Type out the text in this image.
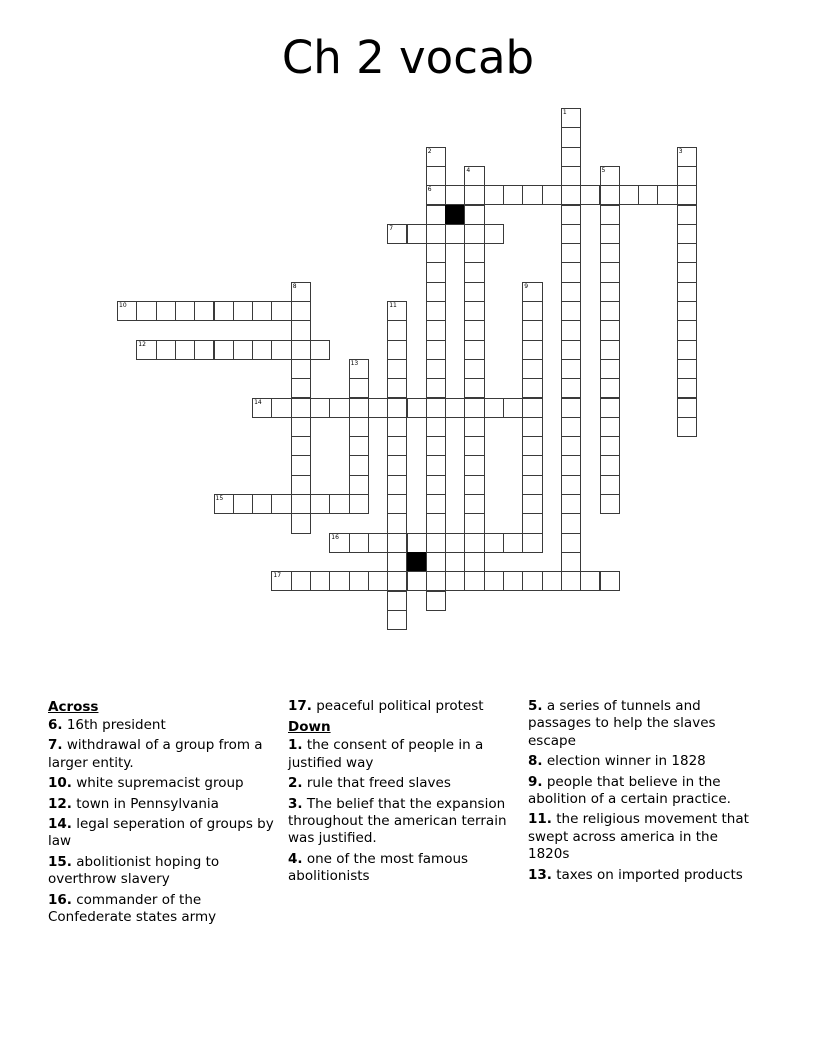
Ch 2 vocab
1
2	3
4	5
6
7
8	9
10	11
12
13
14
15
16
17
Across
6. 16th president
7. withdrawal of a group from a larger entity.
10. white supremacist group
12. town in Pennsylvania
14. legal seperation of groups by law
15. abolitionist hoping to overthrow slavery
16. commander of the Confederate states army
17. peaceful political protest
Down
1. the consent of people in a justified way
2. rule that freed slaves
3. The belief that the expansion throughout the american terrain was justified.
4. one of the most famous abolitionists
5. a series of tunnels and passages to help the slaves escape
8. election winner in 1828
9. people that believe in the abolition of a certain practice.
11. the religious movement that swept across america in the 1820s
13. taxes on imported products
